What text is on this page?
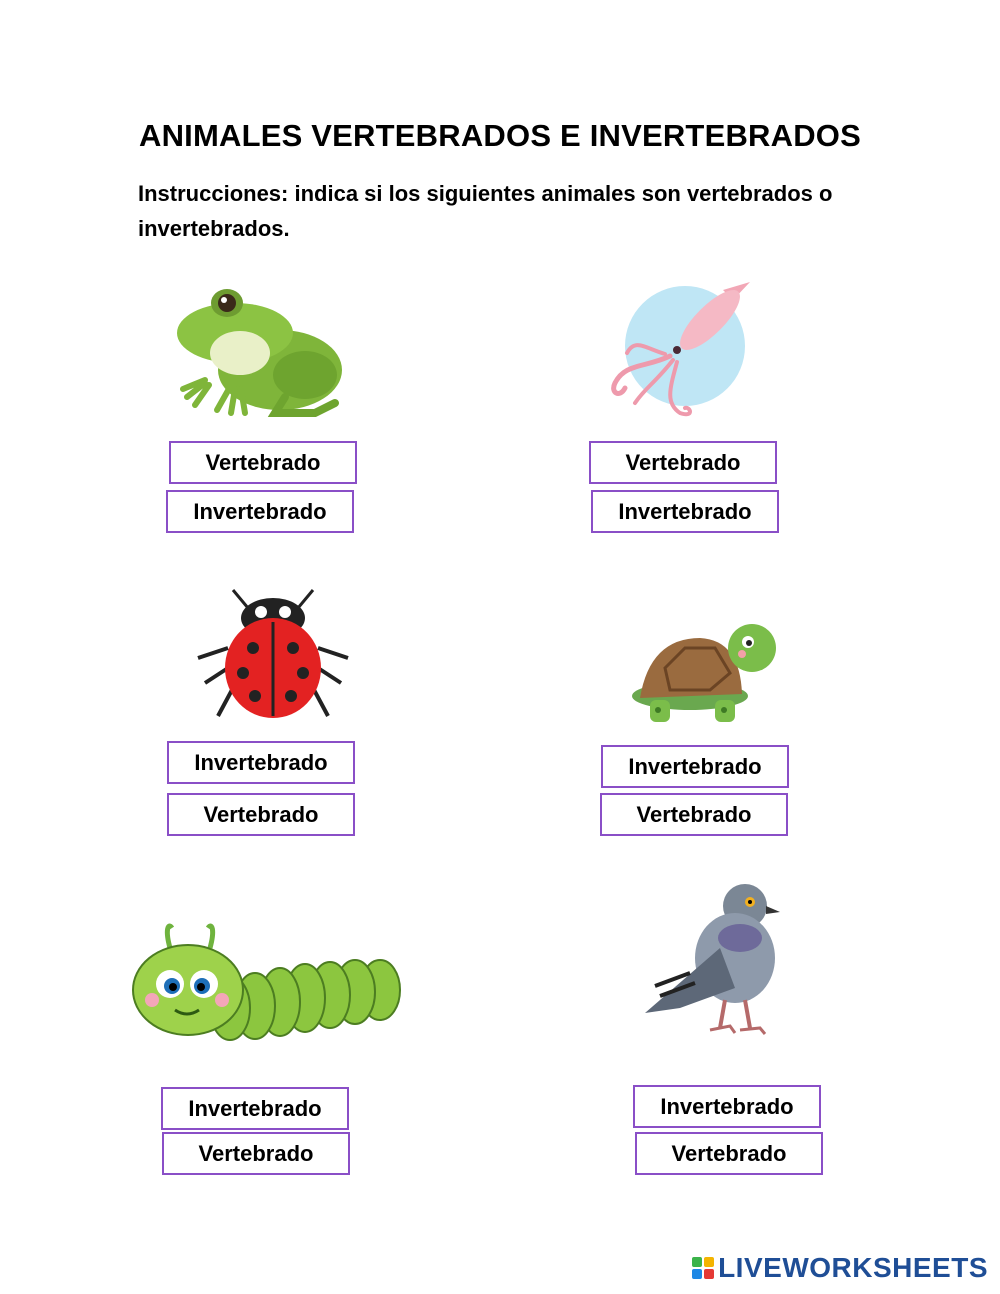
ANIMALES VERTEBRADOS E INVERTEBRADOS
Instrucciones: indica si los siguientes animales son vertebrados o invertebrados.
Vertebrado
Invertebrado
Vertebrado
Invertebrado
Invertebrado
Vertebrado
Invertebrado
Vertebrado
Invertebrado
Vertebrado
Invertebrado
Vertebrado
LIVEWORKSHEETS
